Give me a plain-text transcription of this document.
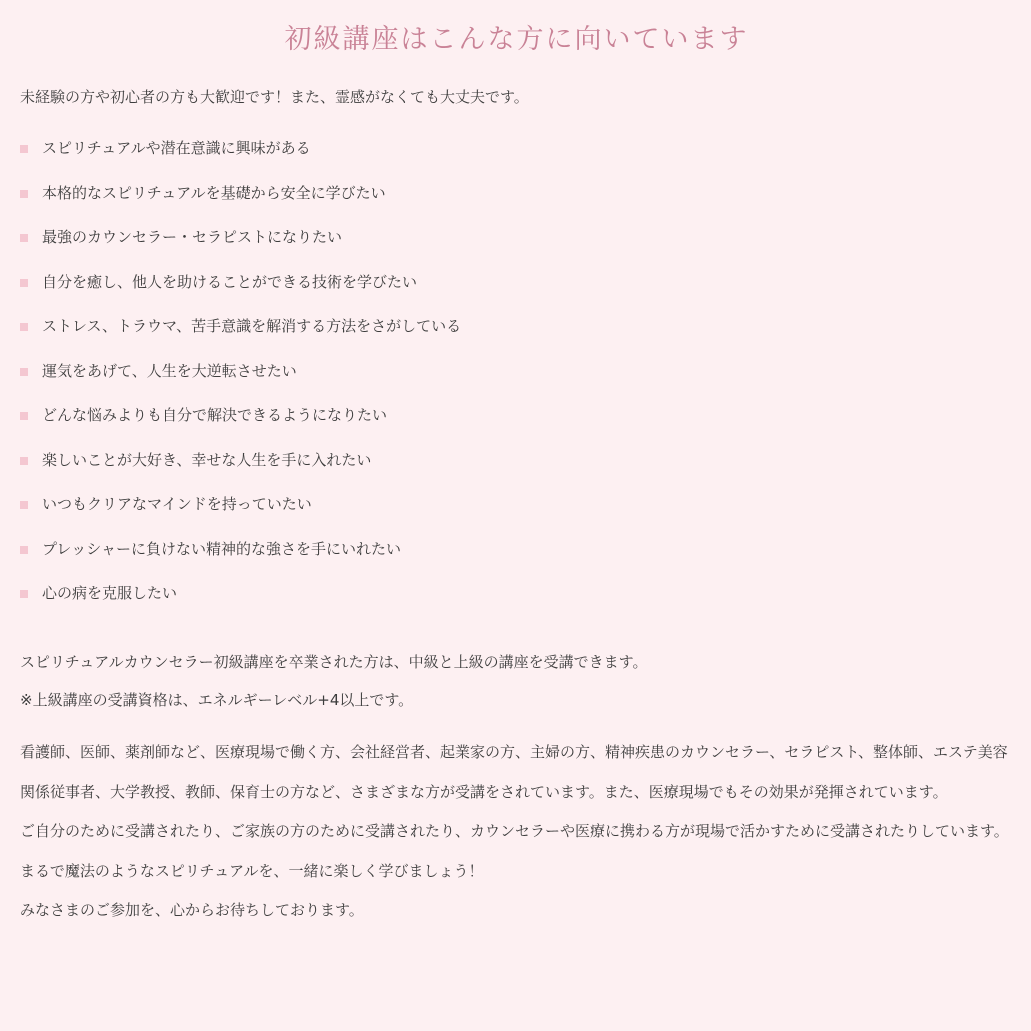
初級講座はこんな方に向いています

未経験の方や初心者の方も大歓迎です！また、霊感がなくても大丈夫です。

スピリチュアルや潜在意識に興味がある
本格的なスピリチュアルを基礎から安全に学びたい
最強のカウンセラー・セラピストになりたい
自分を癒し、他人を助けることができる技術を学びたい
ストレス、トラウマ、苦手意識を解消する方法をさがしている
運気をあげて、人生を大逆転させたい
どんな悩みよりも自分で解決できるようになりたい
楽しいことが大好き、幸せな人生を手に入れたい
いつもクリアなマインドを持っていたい
プレッシャーに負けない精神的な強さを手にいれたい
心の病を克服したい

スピリチュアルカウンセラー初級講座を卒業された方は、中級と上級の講座を受講できます。

※上級講座の受講資格は、エネルギーレベル+4以上です。

看護師、医師、薬剤師など、医療現場で働く方、会社経営者、起業家の方、主婦の方、精神疾患のカウンセラー、セラピスト、整体師、エステ美容関係従事者、大学教授、教師、保育士の方など、さまざまな方が受講をされています。また、医療現場でもその効果が発揮されています。

ご自分のために受講されたり、ご家族の方のために受講されたり、カウンセラーや医療に携わる方が現場で活かすために受講されたりしています。

まるで魔法のようなスピリチュアルを、一緒に楽しく学びましょう！

みなさまのご参加を、心からお待ちしております。
